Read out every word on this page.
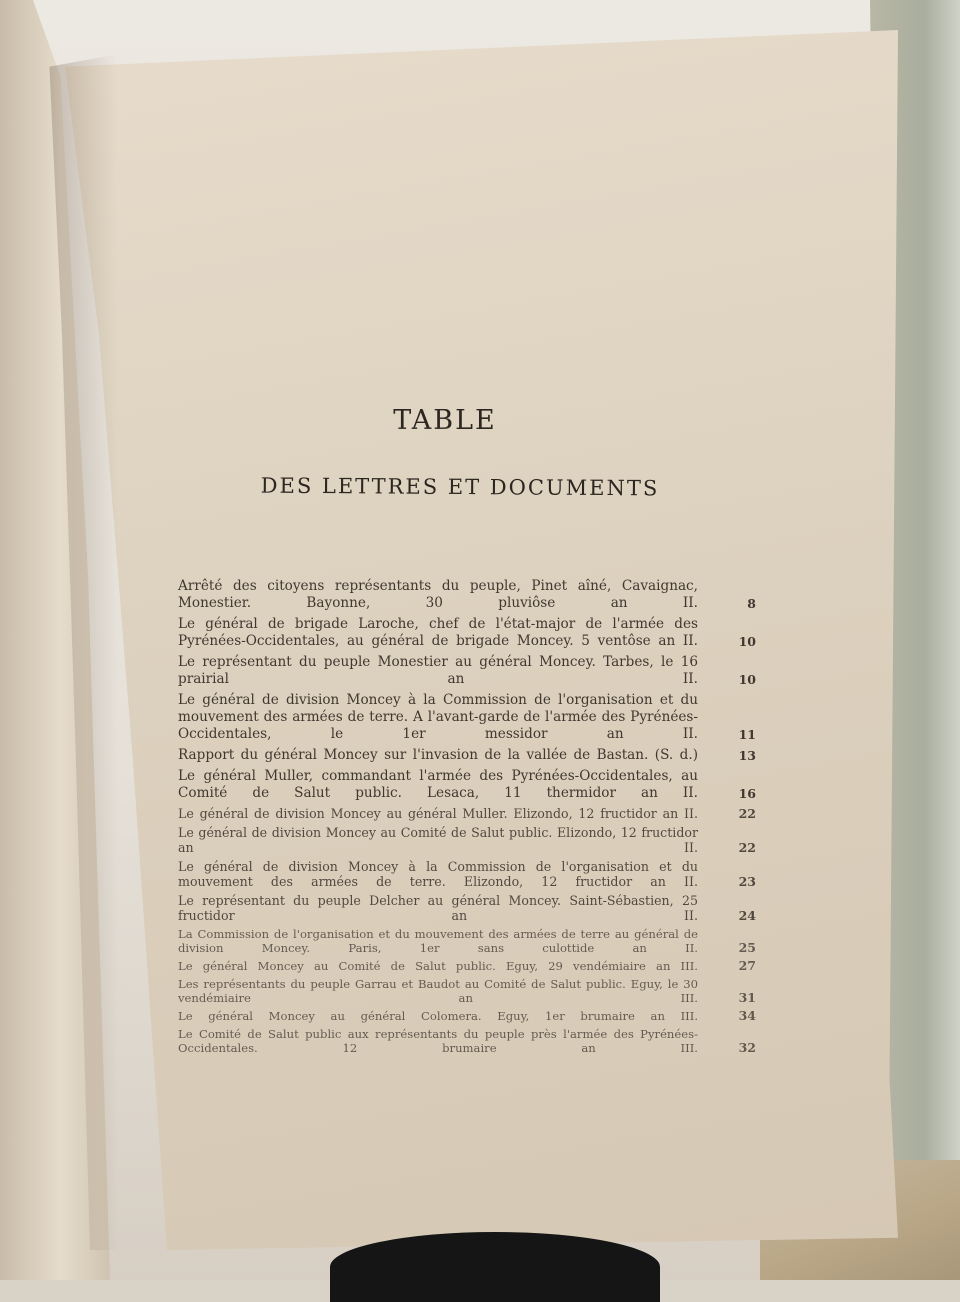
TABLE
DES LETTRES ET DOCUMENTS
Arrêté des citoyens représentants du peuple, Pinet aîné, Cavaignac, Monestier. Bayonne, 30 pluviôse an II.	8
Le général de brigade Laroche, chef de l'état-major de l'armée des Pyrénées-Occidentales, au général de brigade Moncey. 5 ventôse an II.	10
Le représentant du peuple Monestier au général Moncey. Tarbes, le 16 prairial an II.	10
Le général de division Moncey à la Commission de l'organisation et du mouvement des armées de terre. A l'avant-garde de l'armée des Pyrénées-Occidentales, le 1er messidor an II.	11
Rapport du général Moncey sur l'invasion de la vallée de Bastan. (S. d.)	13
Le général Muller, commandant l'armée des Pyrénées-Occidentales, au Comité de Salut public. Lesaca, 11 thermidor an II.	16
Le général de division Moncey au général Muller. Elizondo, 12 fructidor an II.	22
Le général de division Moncey au Comité de Salut public. Elizondo, 12 fructidor an II.	22
Le général de division Moncey à la Commission de l'organisation et du mouvement des armées de terre. Elizondo, 12 fructidor an II.	23
Le représentant du peuple Delcher au général Moncey. Saint-Sébastien, 25 fructidor an II.	24
La Commission de l'organisation et du mouvement des armées de terre au général de division Moncey. Paris, 1er sans culottide an II.	25
Le général Moncey au Comité de Salut public. Eguy, 29 vendémiaire an III.	27
Les représentants du peuple Garrau et Baudot au Comité de Salut public. Eguy, le 30 vendémiaire an III.	31
Le général Moncey au général Colomera. Eguy, 1er brumaire an III.	34
Le Comité de Salut public aux représentants du peuple près l'armée des Pyrénées-Occidentales. 12 brumaire an III.	32
